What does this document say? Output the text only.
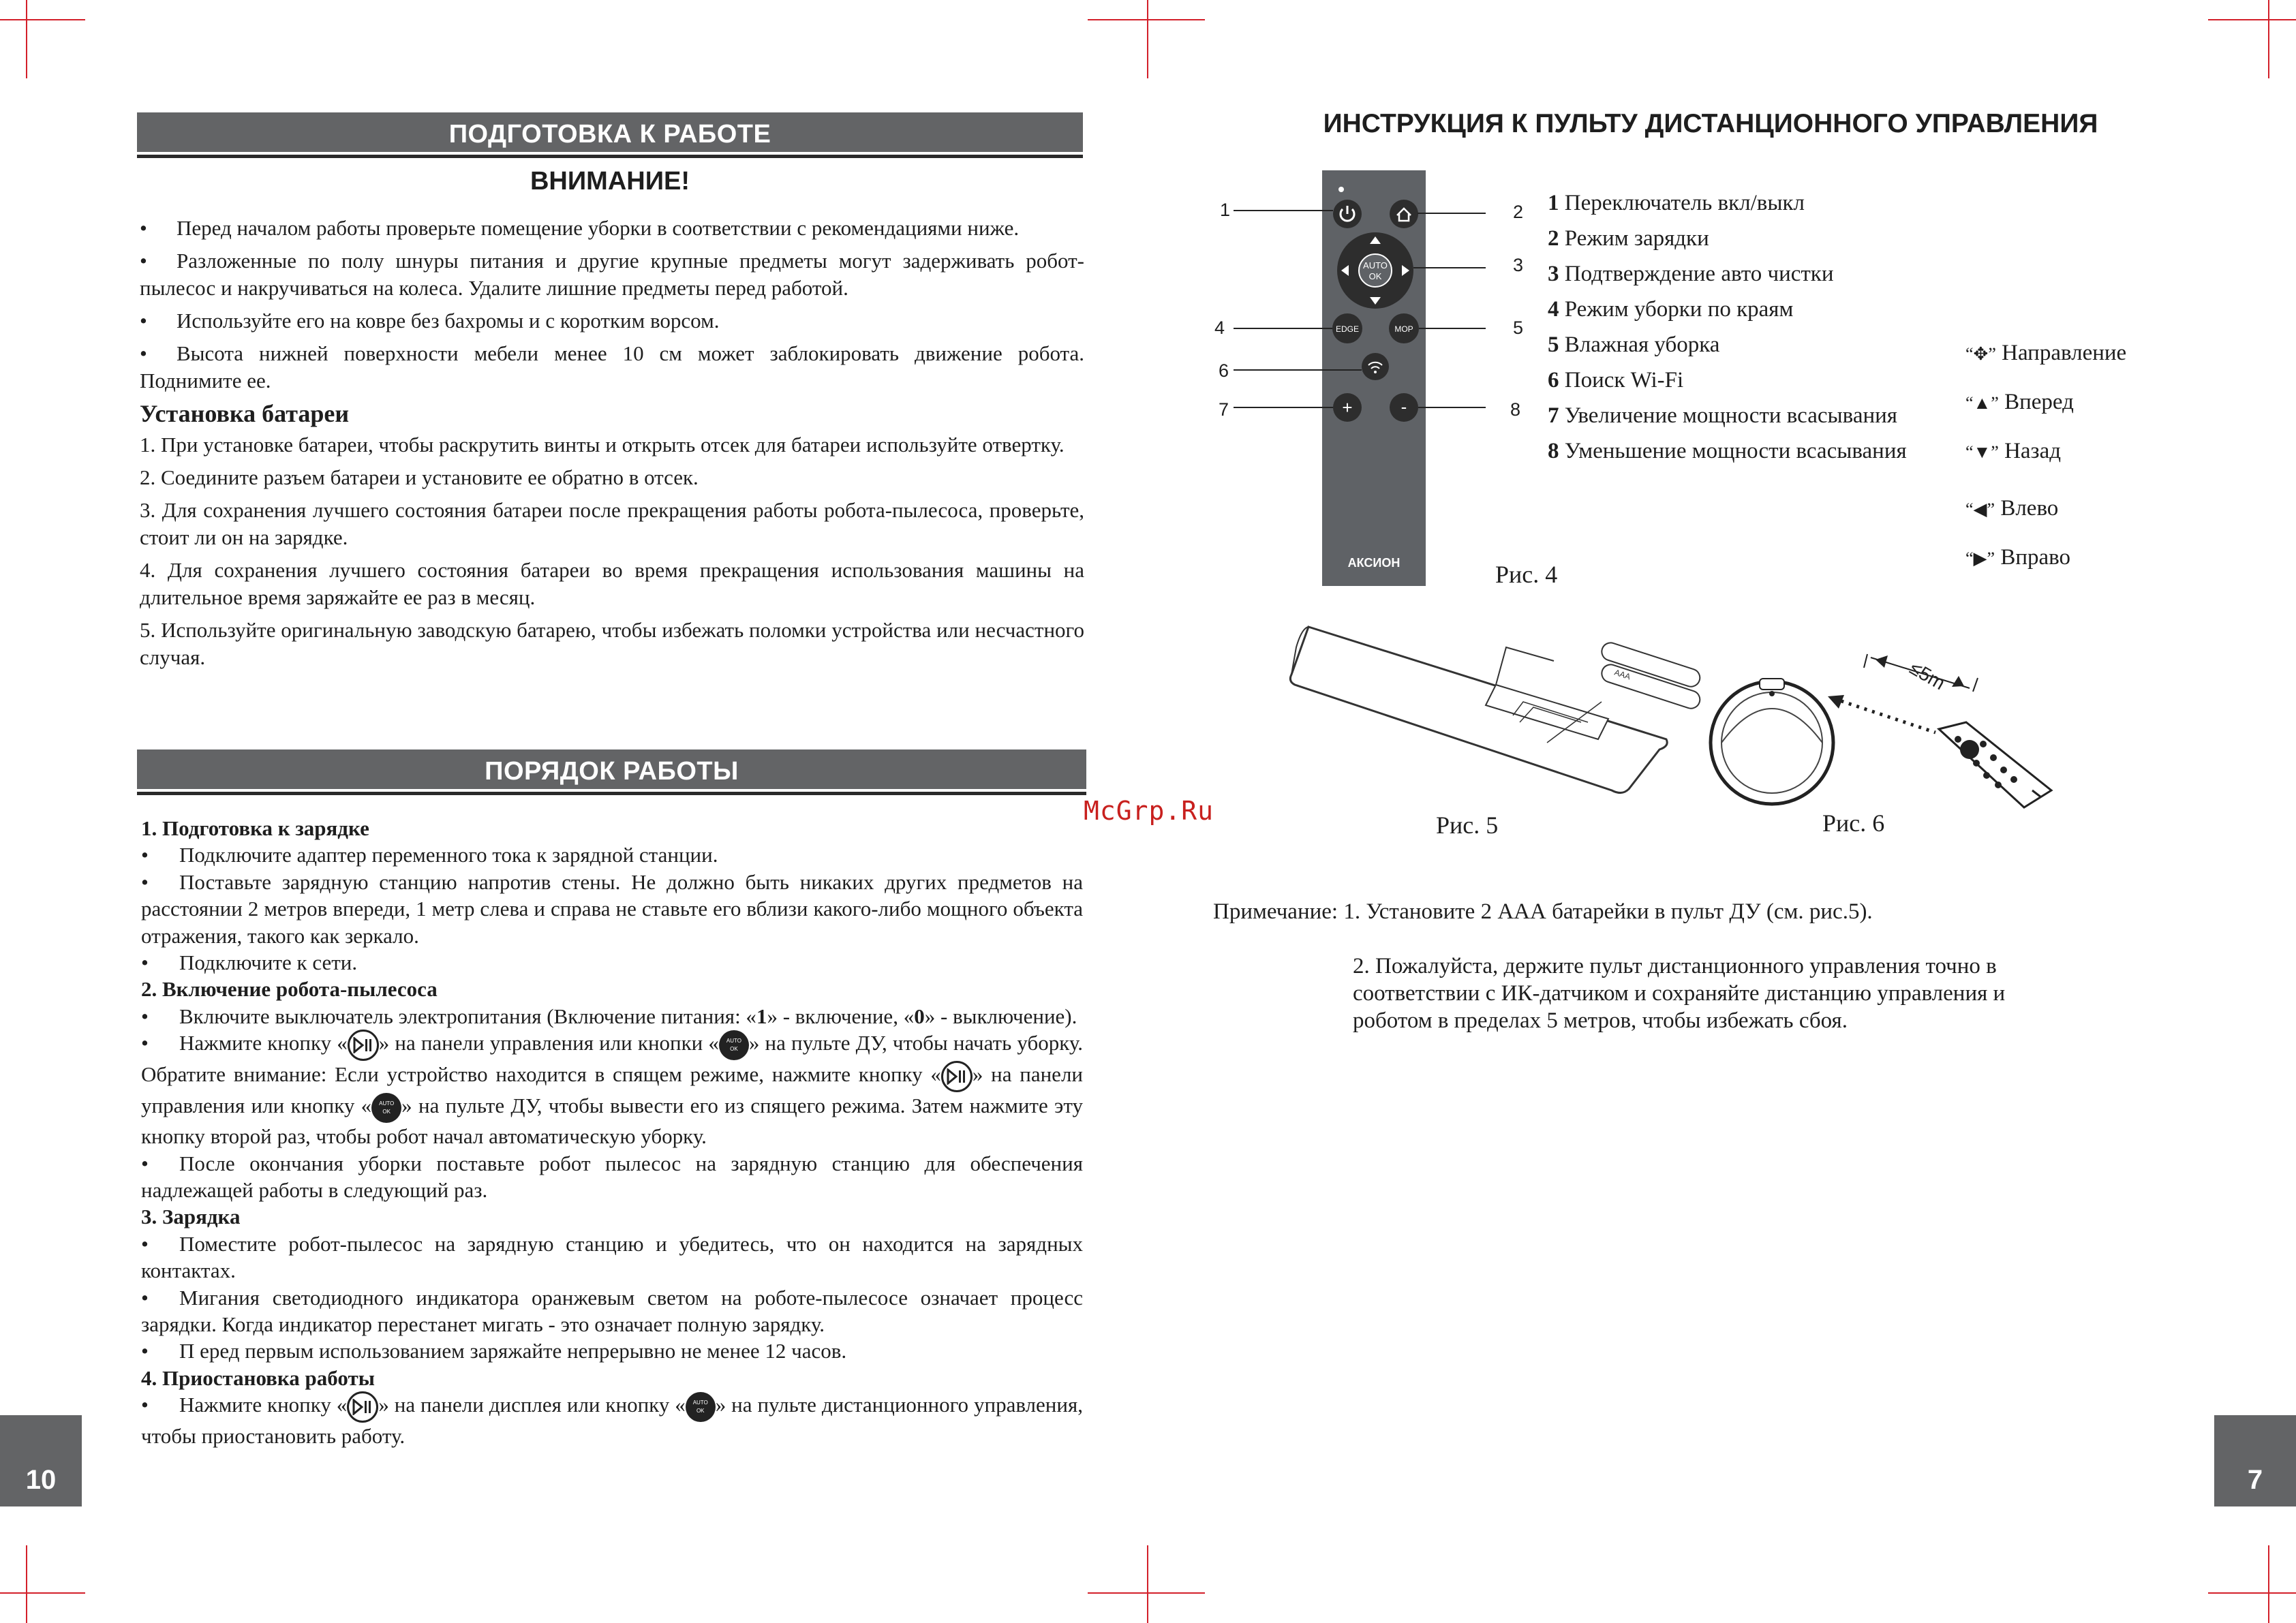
ПОДГОТОВКА К РАБОТЕ
ВНИМАНИЕ!

• Перед началом работы проверьте помещение уборки в соответствии с рекомендациями ниже.

• Разложенные по полу шнуры питания и другие крупные предметы могут задерживать робот-пылесос и накручиваться на колеса. Удалите лишние предметы перед работой.

• Используйте его на ковре без бахромы и с коротким ворсом.

• Высота нижней поверхности мебели менее 10 см может заблокировать движение робота. Поднимите ее.

Установка батареи

1. При установке батареи, чтобы раскрутить винты и открыть отсек для батареи используйте отвертку.

2. Соедините разъем батареи и установите ее обратно в отсек.

3. Для сохранения лучшего состояния батареи после прекращения работы робота-пылесоса, проверьте, стоит ли он на зарядке.

4. Для сохранения лучшего состояния батареи во время прекращения использования машины на длительное время заряжайте ее раз в месяц.

5. Используйте оригинальную заводскую батарею, чтобы избежать поломки устройства или несчастного случая.

ПОРЯДОК РАБОТЫ

1. Подготовка к зарядке

• Подключите адаптер переменного тока к зарядной станции.

• Поставьте зарядную станцию напротив стены. Не должно быть никаких других предметов на расстоянии 2 метров впереди, 1 метр слева и справа не ставьте его вблизи какого-либо мощного объекта отражения, такого как зеркало.

• Подключите к сети.

2. Включение робота-пылесоса

• Включите выключатель электропитания (Включение питания: «1» - включение, «0» - выключение).

• Нажмите кнопку « » на панели управления или кнопки «	AUTO
OK » на пульте ДУ, чтобы начать уборку. Обратите внимание: Если устройство находится в спящем режиме, нажмите кнопку « » на панели управления или кнопку «	AUTO
OK » на пульте ДУ, чтобы вывести его из спящего режима. Затем нажмите эту кнопку второй раз, чтобы робот начал автоматическую уборку.

• После окончания уборки поставьте робот пылесос на зарядную станцию для обеспечения надлежащей работы в следующий раз.

3. Зарядка

• Поместите робот-пылесос на зарядную станцию и убедитесь, что он находится на зарядных контактах.

• Мигания светодиодного индикатора оранжевым светом на роботе-пылесосе означает процесс зарядки. Когда индикатор перестанет мигать - это означает полную зарядку.

• П еред первым использованием заряжайте непрерывно не менее 12 часов.

4. Приостановка работы

• Нажмите кнопку « » на панели дисплея или кнопку «	AUTO
OK » на пульте дистанционного управления, чтобы приостановить работу.

10
McGrp.Ru
ИНСТРУКЦИЯ К ПУЛЬТУ ДИСТАНЦИОННОГО УПРАВЛЕНИЯ
AUTO
OK
EDGE	MOP
+	-
АКСИОН
1	2
3
4	5
6
7	8
1 Переключатель вкл/выкл
2 Режим зарядки
3 Подтверждение авто чистки
4 Режим уборки по краям
5 Влажная уборка
6 Поиск Wi-Fi
7 Увеличение мощности всасывания
8 Уменьшение мощности всасывания
“✥” Направление
“▲” Вперед
“▼” Назад
“◀” Влево
“▶” Вправо
Рис. 4
AAA
Рис. 5
≤5m
Рис. 6
Примечание: 1. Установите 2 ААА батарейки в пульт ДУ (см. рис.5).
2. Пожалуйста, держите пульт дистанционного управления точно в соответствии с ИК-датчиком и сохраняйте дистанцию управления и роботом в пределах 5 метров, чтобы избежать сбоя.
7
